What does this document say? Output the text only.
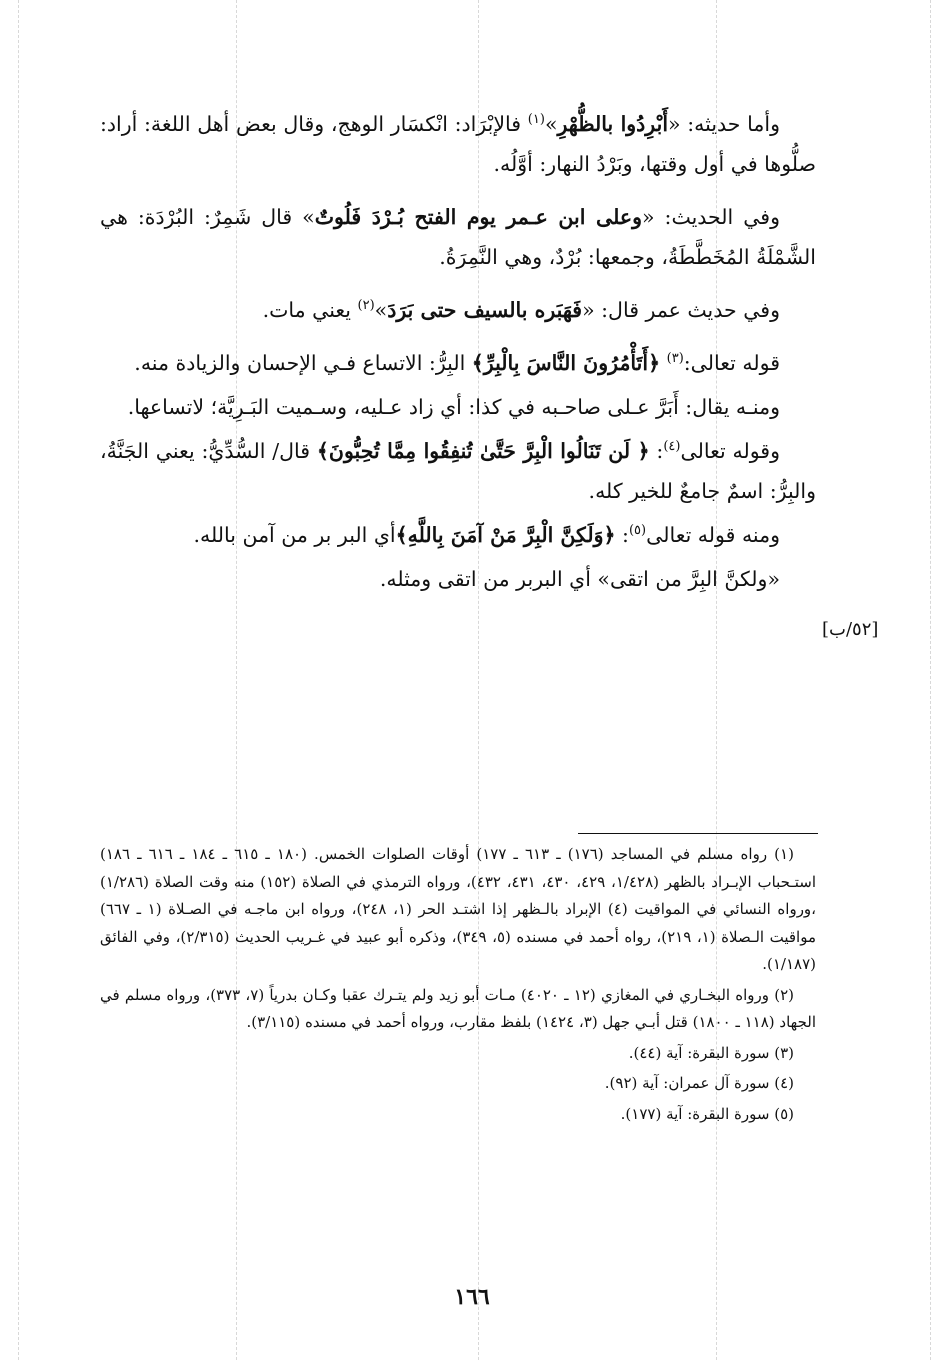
وأما حديثه: «أَبْرِدُوا بالظُّهْرِ»$^{(١)}$ فالإبْرَاد: انْكسَار الوهج، وقال بعض أهل اللغة: أراد: صلُّوها في أول وقتها، وبَرْدُ النهار: أوَّلُه.

وفي الحديث: «وعلى ابن عـمر يوم الفتح بُـرْدَ فَلُوتٌ» قال شَمِرٌ: البُرْدَة: هي الشَّمْلَةُ المُخَطَّطَةُ، وجمعها: بُرْدٌ، وهي النَّمِرَةُ.

وفي حديث عمر قال: «فَهَبَره بالسيف حتى بَرَدَ»$^{(٢)}$ يعني مات.

قوله تعالى:$^{(٣)}$ ﴿أَتَأْمُرُونَ النَّاسَ بِالْبِرِّ﴾ البِرُّ: الاتساع فـي الإحسان والزيادة منه.

ومنـه يقال: أَبَرَّ عـلى صاحـبه في كذا: أي زاد عـليه، وسـميت البَـرِيَّة؛ لاتساعها.

وقوله تعالى$^{(٤)}$: ﴿ لَن تَنَالُوا الْبِرَّ حَتَّىٰ تُنفِقُوا مِمَّا تُحِبُّونَ﴾ قال/ السُّدِّيُّ: يعني الجَنَّةُ، والبِرُّ: اسمٌ جامعٌ للخير كله.

ومنه قوله تعالى$^{(٥)}$: ﴿وَلَكِنَّ الْبِرَّ مَنْ آمَنَ بِاللَّهِ﴾أي البر بر من آمن بالله.

«ولكنَّ البِرَّ من اتقى» أي البربر من اتقى ومثله.

[٥٢/ب]

(١) رواه مسلم في المساجد (١٧٦) ـ ٦١٣ ـ ١٧٧) أوقات الصلوات الخمس. (١٨٠ ـ ٦١٥ ـ ١٨٤ ـ ٦١٦ ـ ١٨٦) استـحباب الإبـراد بالظهر (١/٤٢٨، ٤٢٩، ٤٣٠، ٤٣١، ٤٣٢)، ورواه الترمذي في الصلاة (١٥٢) منه وقت الصلاة (١/٢٨٦) ،ورواه النسائي في المواقيت (٤) الإبراد بالـظهر إذا اشتـد الحر (١، ٢٤٨)، ورواه ابن ماجـه في الصـلاة (١ ـ ٦٦٧) مواقيت الـصلاة (١، ٢١٩)، رواه أحمد في مسنده (٥، ٣٤٩)، وذكره أبو عبيد في غـريب الحديث (٢/٣١٥)، وفي الفائق (١/١٨٧).

(٢) ورواه البخـاري في المغازي (١٢ ـ ٤٠٢٠) مـات أبو زيد ولم يتـرك عقبا وكـان بدرياً (٧، ٣٧٣)، ورواه مسلم في الجهاد (١١٨ ـ ١٨٠٠) قتل أبـي جهل (٣، ١٤٢٤) بلفظ مقارب، ورواه أحمد في مسنده (٣/١١٥).

(٣) سورة البقرة: آية (٤٤).

(٤) سورة آل عمران: آية (٩٢).

(٥) سورة البقرة: آية (١٧٧).

١٦٦
